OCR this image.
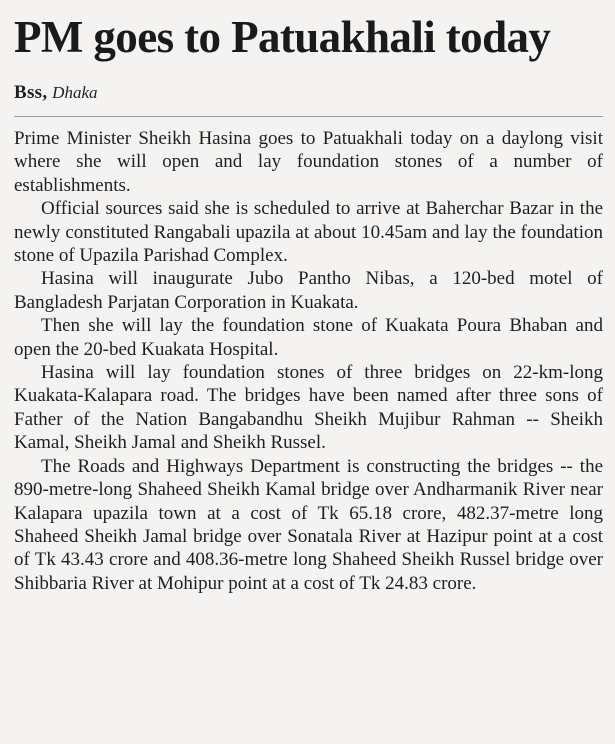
PM goes to Patuakhali today
Bss, Dhaka

Prime Minister Sheikh Hasina goes to Patuakhali today on a daylong visit where she will open and lay foundation stones of a number of establishments.

Official sources said she is scheduled to arrive at Baherchar Bazar in the newly constituted Rangabali upazila at about 10.45am and lay the foundation stone of Upazila Parishad Complex.

Hasina will inaugurate Jubo Pantho Nibas, a 120-bed motel of Bangladesh Parjatan Corporation in Kuakata.

Then she will lay the foundation stone of Kuakata Poura Bhaban and open the 20-bed Kuakata Hospital.

Hasina will lay foundation stones of three bridges on 22-km-long Kuakata-Kalapara road. The bridges have been named after three sons of Father of the Nation Bangabandhu Sheikh Mujibur Rahman -- Sheikh Kamal, Sheikh Jamal and Sheikh Russel.

The Roads and Highways Department is constructing the bridges -- the 890-metre-long Shaheed Sheikh Kamal bridge over Andharmanik River near Kalapara upazila town at a cost of Tk 65.18 crore, 482.37-metre long Shaheed Sheikh Jamal bridge over Sonatala River at Hazipur point at a cost of Tk 43.43 crore and 408.36-metre long Shaheed Sheikh Russel bridge over Shibbaria River at Mohipur point at a cost of Tk 24.83 crore.
